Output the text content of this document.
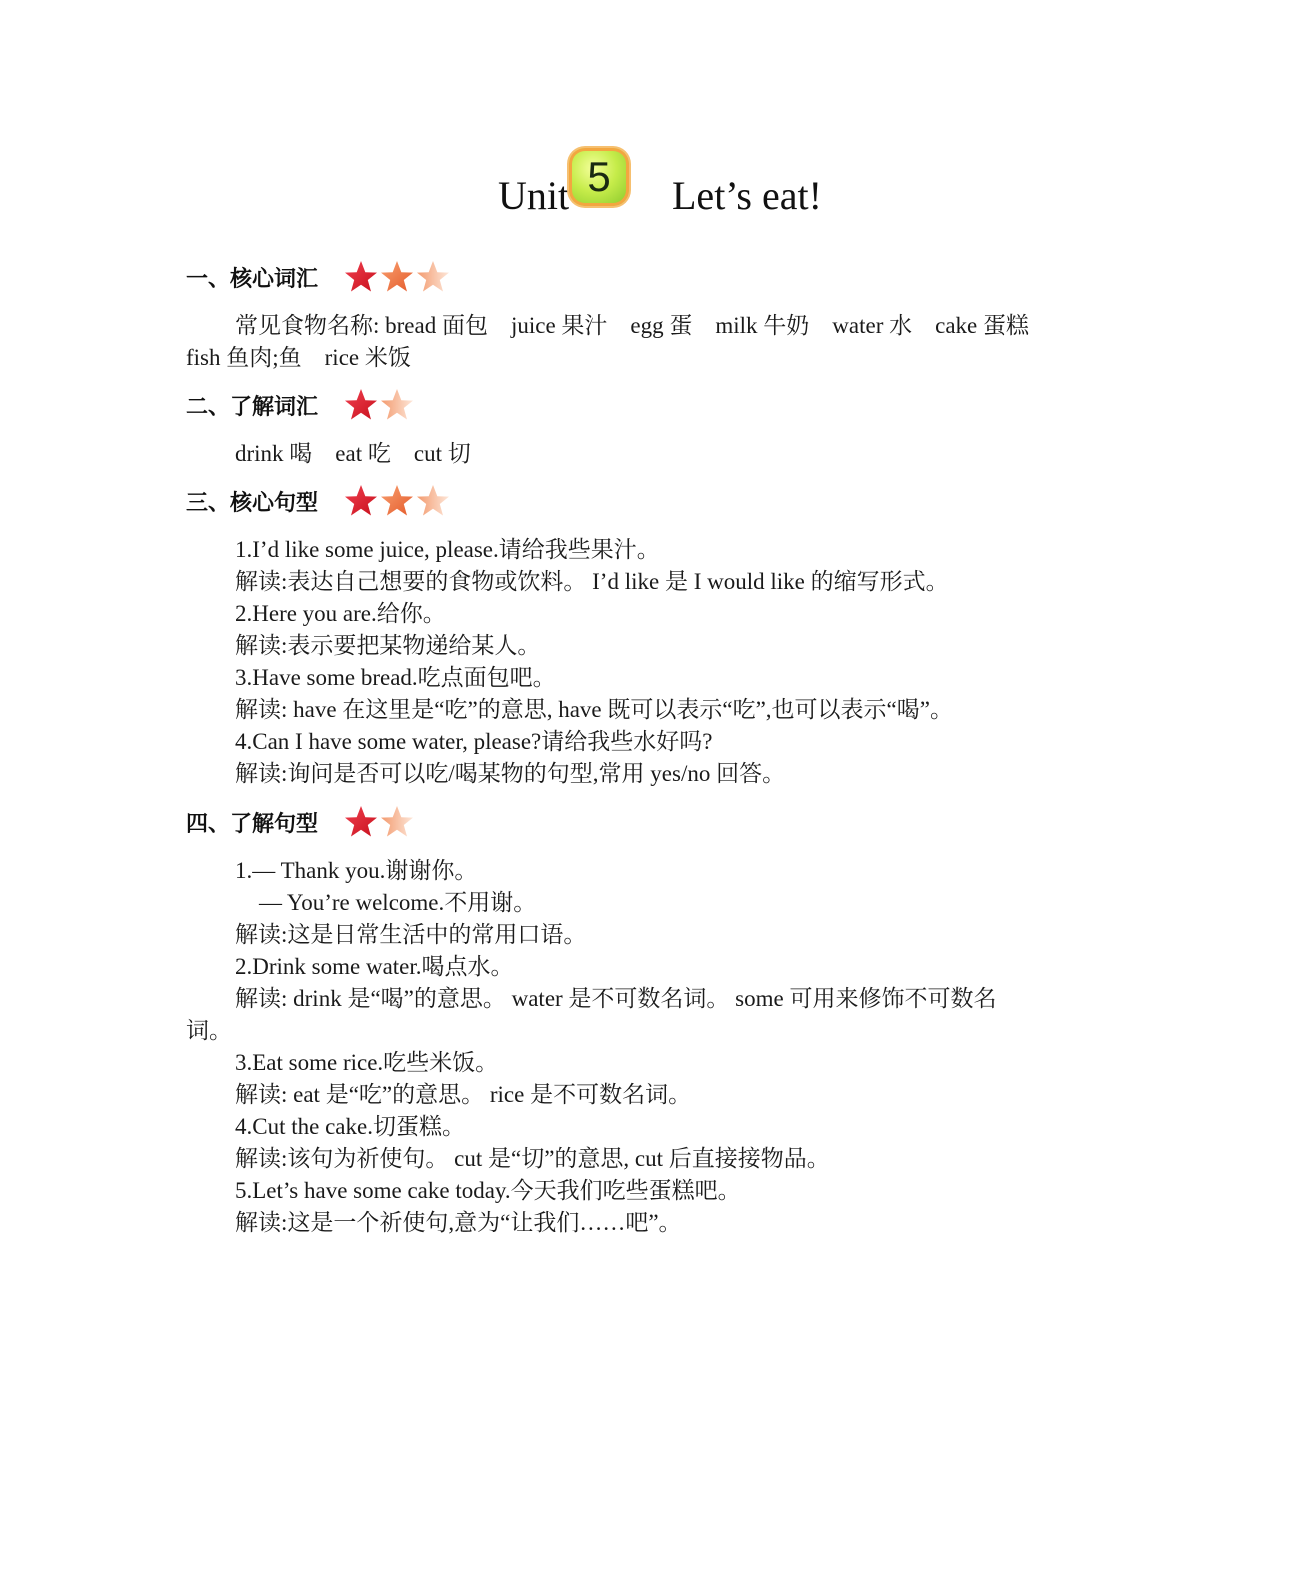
Unit 5	Let’s eat!
一、核心词汇
常见食物名称: bread 面包　juice 果汁　egg 蛋　milk 牛奶　water 水　cake 蛋糕
fish 鱼肉;鱼　rice 米饭
二、了解词汇
drink 喝　eat 吃　cut 切
三、核心句型
1.I’d like some juice, please.请给我些果汁。
解读:表达自己想要的食物或饮料。 I’d like 是 I would like 的缩写形式。
2.Here you are.给你。
解读:表示要把某物递给某人。
3.Have some bread.吃点面包吧。
解读: have 在这里是“吃”的意思, have 既可以表示“吃”,也可以表示“喝”。
4.Can I have some water, please?请给我些水好吗?
解读:询问是否可以吃/喝某物的句型,常用 yes/no 回答。
四、了解句型
1.— Thank you.谢谢你。
— You’re welcome.不用谢。
解读:这是日常生活中的常用口语。
2.Drink some water.喝点水。
解读: drink 是“喝”的意思。 water 是不可数名词。 some 可用来修饰不可数名
词。
3.Eat some rice.吃些米饭。
解读: eat 是“吃”的意思。 rice 是不可数名词。
4.Cut the cake.切蛋糕。
解读:该句为祈使句。 cut 是“切”的意思, cut 后直接接物品。
5.Let’s have some cake today.今天我们吃些蛋糕吧。
解读:这是一个祈使句,意为“让我们……吧”。
